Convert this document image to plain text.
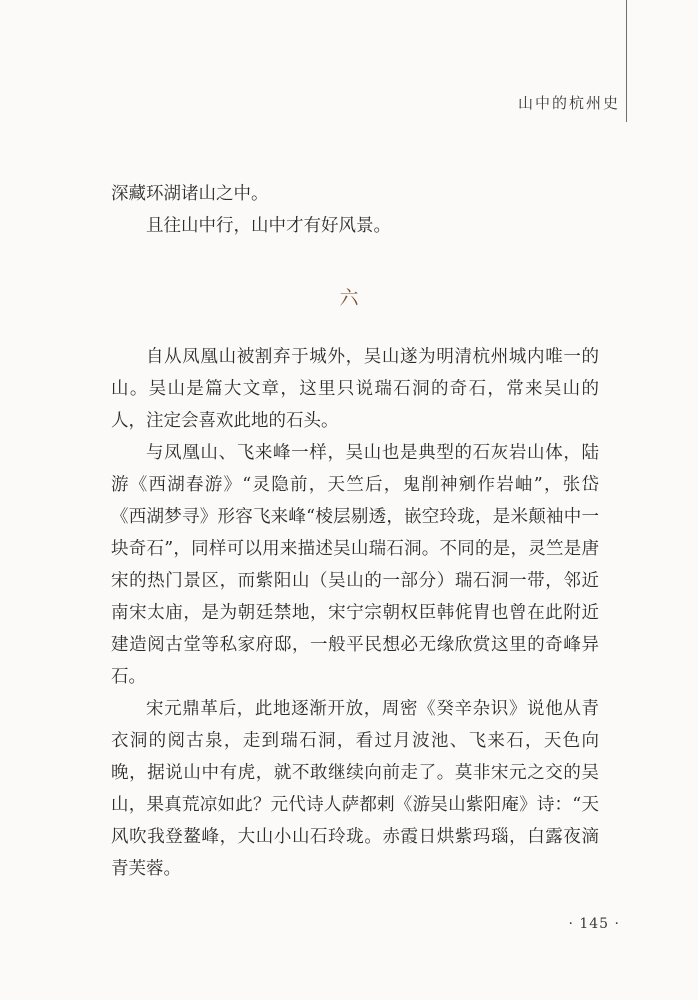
山中的杭州史

深藏环湖诸山之中。

且往山中行，山中才有好风景。

六

自从凤凰山被割弃于城外，吴山遂为明清杭州城内唯一的山。吴山是篇大文章，这里只说瑞石洞的奇石，常来吴山的人，注定会喜欢此地的石头。

与凤凰山、飞来峰一样，吴山也是典型的石灰岩山体，陆游《西湖春游》“灵隐前，天竺后，鬼削神剜作岩岫”，张岱《西湖梦寻》形容飞来峰“棱层剔透，嵌空玲珑，是米颠袖中一块奇石”，同样可以用来描述吴山瑞石洞。不同的是，灵竺是唐宋的热门景区，而紫阳山（吴山的一部分）瑞石洞一带，邻近南宋太庙，是为朝廷禁地，宋宁宗朝权臣韩侂胄也曾在此附近建造阅古堂等私家府邸，一般平民想必无缘欣赏这里的奇峰异石。

宋元鼎革后，此地逐渐开放，周密《癸辛杂识》说他从青衣洞的阅古泉，走到瑞石洞，看过月波池、飞来石，天色向晚，据说山中有虎，就不敢继续向前走了。莫非宋元之交的吴山，果真荒凉如此？元代诗人萨都剌《游吴山紫阳庵》诗：“天风吹我登鳌峰，大山小山石玲珑。赤霞日烘紫玛瑙，白露夜滴青芙蓉。

· 145 ·
